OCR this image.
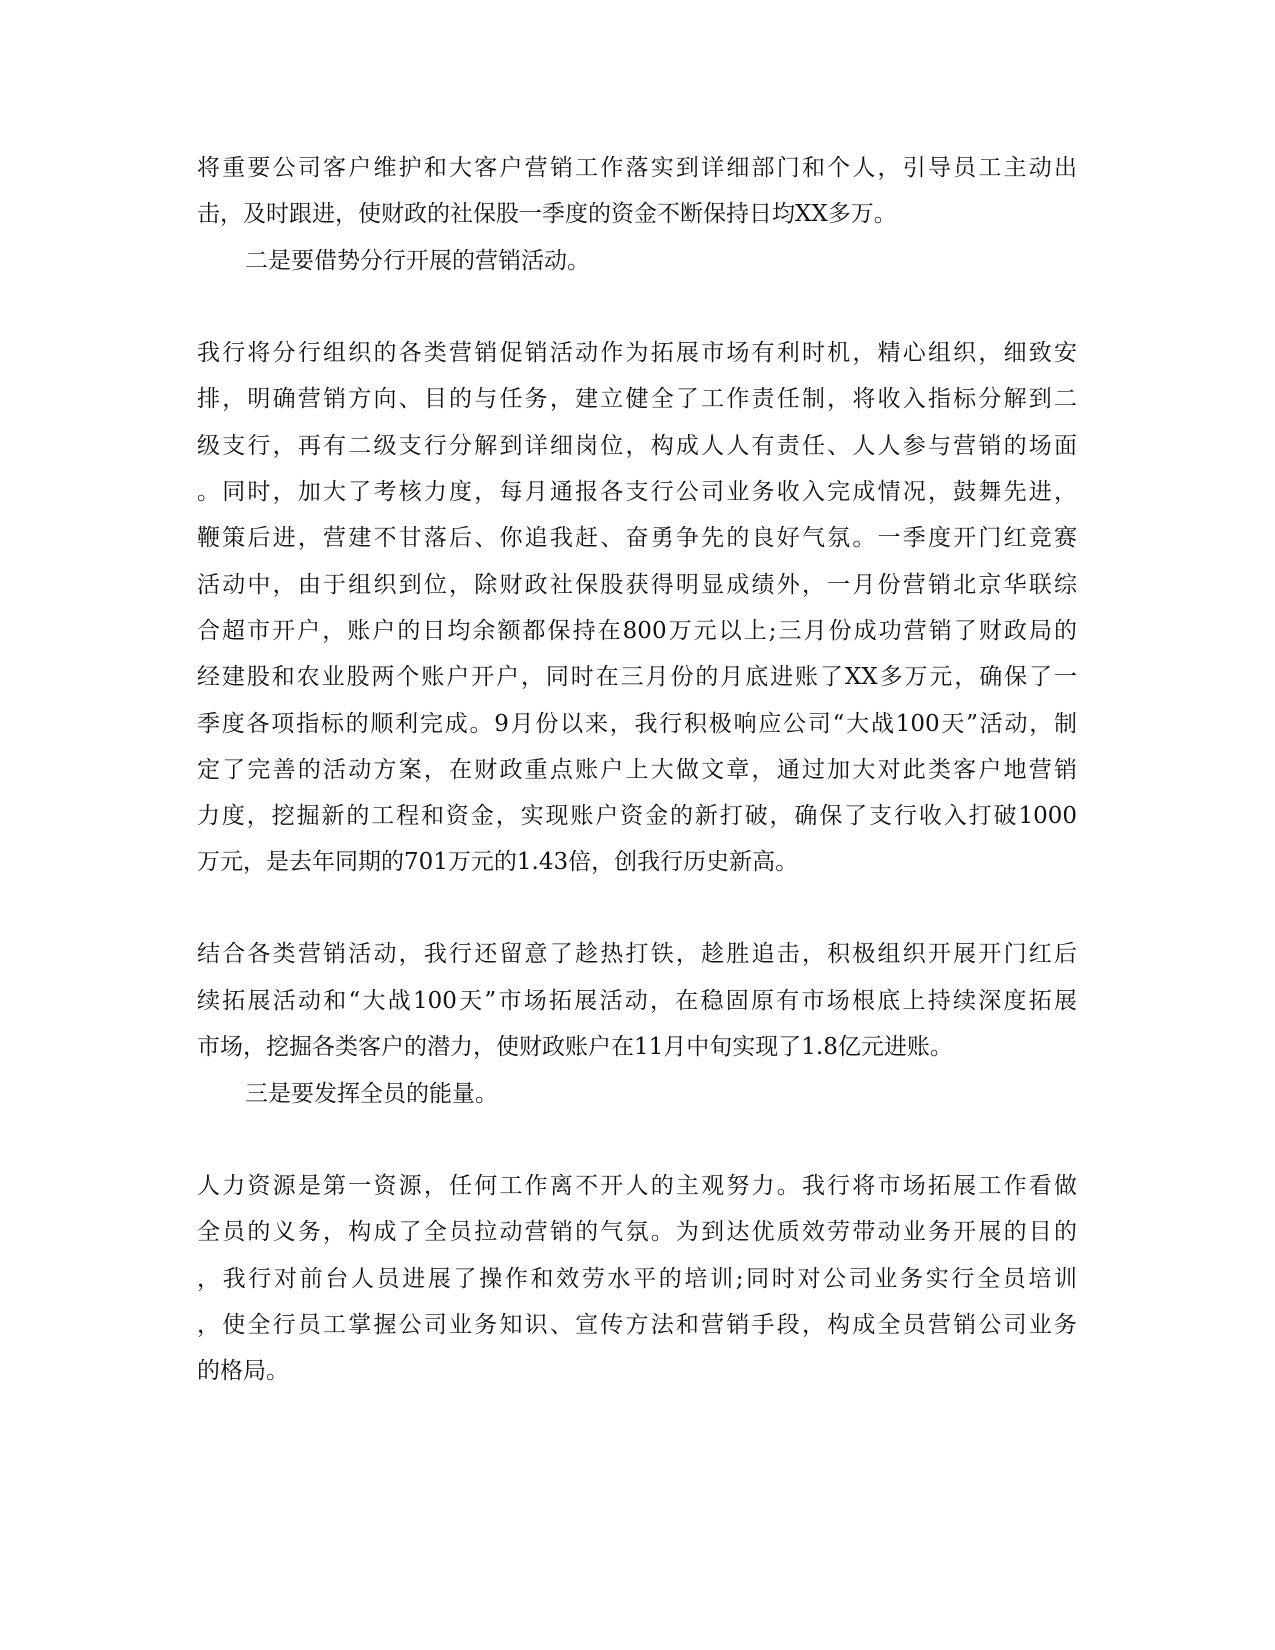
将重要公司客户维护和大客户营销工作落实到详细部门和个人，引导员工主动出
击，及时跟进，使财政的社保股一季度的资金不断保持日均XX多万。
二是要借势分行开展的营销活动。
我行将分行组织的各类营销促销活动作为拓展市场有利时机，精心组织，细致安
排，明确营销方向、目的与任务，建立健全了工作责任制，将收入指标分解到二
级支行，再有二级支行分解到详细岗位，构成人人有责任、人人参与营销的场面
。同时，加大了考核力度，每月通报各支行公司业务收入完成情况，鼓舞先进，
鞭策后进，营建不甘落后、你追我赶、奋勇争先的良好气氛。一季度开门红竞赛
活动中，由于组织到位，除财政社保股获得明显成绩外，一月份营销北京华联综
合超市开户，账户的日均余额都保持在800万元以上;三月份成功营销了财政局的
经建股和农业股两个账户开户，同时在三月份的月底进账了XX多万元，确保了一
季度各项指标的顺利完成。9月份以来，我行积极响应公司“大战100天”活动，制
定了完善的活动方案，在财政重点账户上大做文章，通过加大对此类客户地营销
力度，挖掘新的工程和资金，实现账户资金的新打破，确保了支行收入打破1000
万元，是去年同期的701万元的1.43倍，创我行历史新高。
结合各类营销活动，我行还留意了趁热打铁，趁胜追击，积极组织开展开门红后
续拓展活动和“大战100天”市场拓展活动，在稳固原有市场根底上持续深度拓展
市场，挖掘各类客户的潜力，使财政账户在11月中旬实现了1.8亿元进账。
三是要发挥全员的能量。
人力资源是第一资源，任何工作离不开人的主观努力。我行将市场拓展工作看做
全员的义务，构成了全员拉动营销的气氛。为到达优质效劳带动业务开展的目的
，我行对前台人员进展了操作和效劳水平的培训;同时对公司业务实行全员培训
，使全行员工掌握公司业务知识、宣传方法和营销手段，构成全员营销公司业务
的格局。
